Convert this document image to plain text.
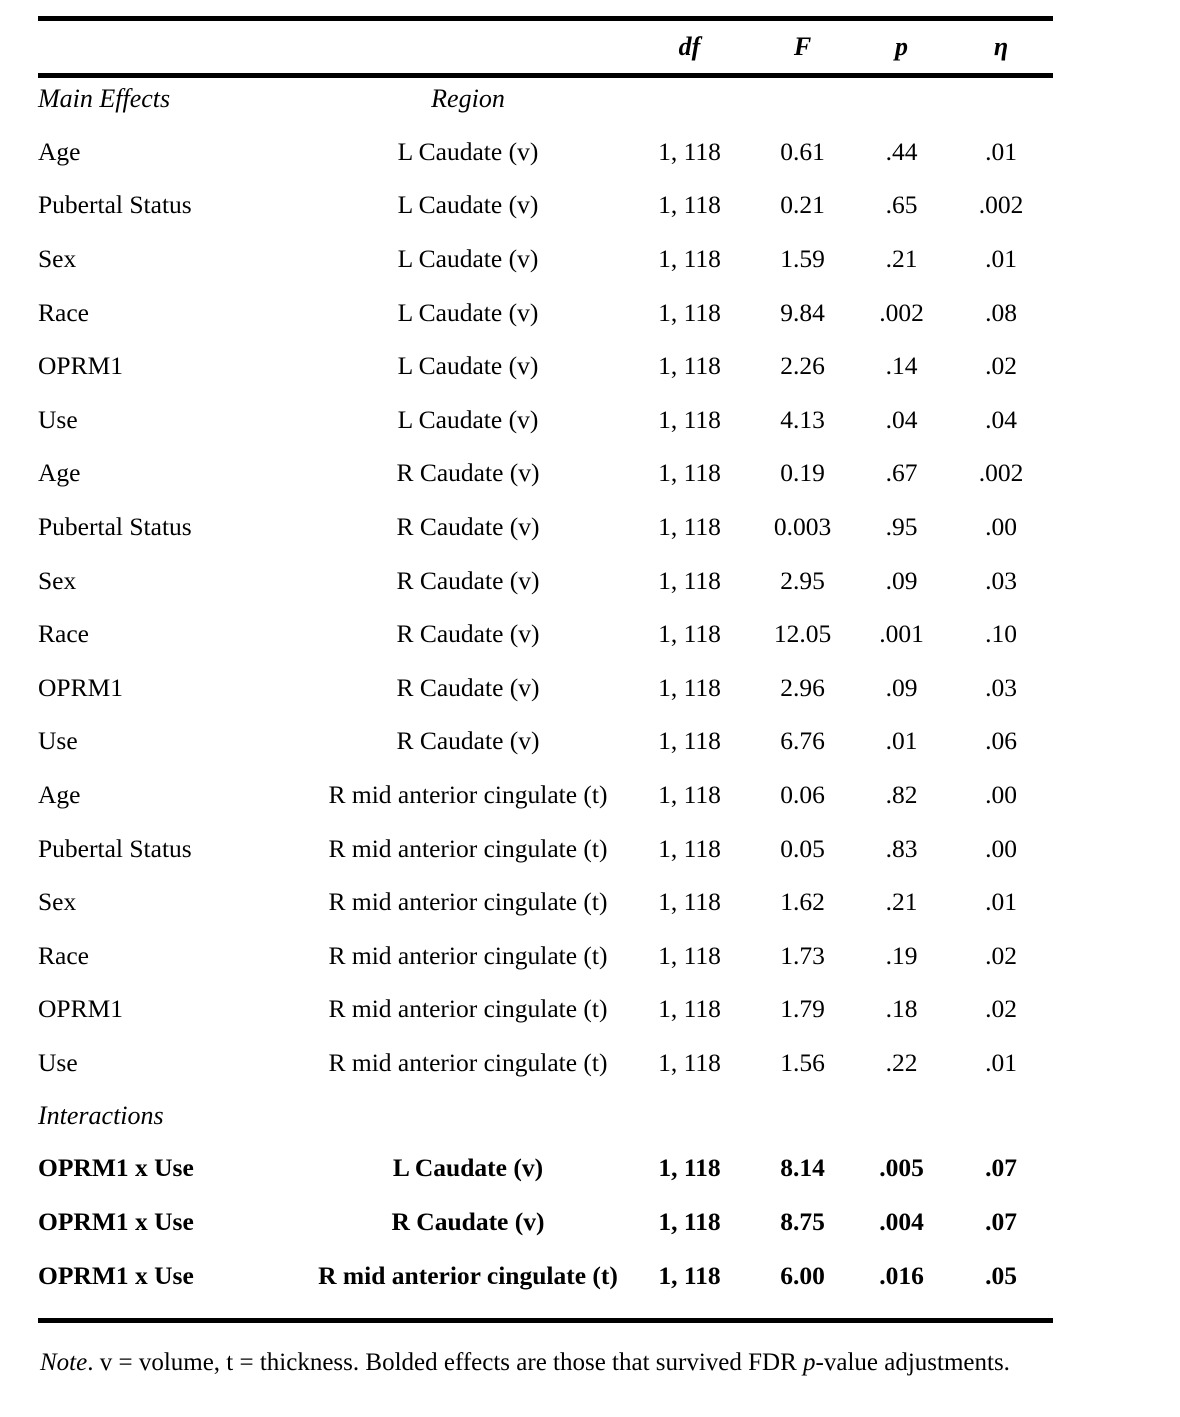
		df	F	p	η
Main Effects	Region				
Age	L Caudate (v)	1, 118	0.61	.44	.01
Pubertal Status	L Caudate (v)	1, 118	0.21	.65	.002
Sex	L Caudate (v)	1, 118	1.59	.21	.01
Race	L Caudate (v)	1, 118	9.84	.002	.08
OPRM1	L Caudate (v)	1, 118	2.26	.14	.02
Use	L Caudate (v)	1, 118	4.13	.04	.04
Age	R Caudate (v)	1, 118	0.19	.67	.002
Pubertal Status	R Caudate (v)	1, 118	0.003	.95	.00
Sex	R Caudate (v)	1, 118	2.95	.09	.03
Race	R Caudate (v)	1, 118	12.05	.001	.10
OPRM1	R Caudate (v)	1, 118	2.96	.09	.03
Use	R Caudate (v)	1, 118	6.76	.01	.06
Age	R mid anterior cingulate (t)	1, 118	0.06	.82	.00
Pubertal Status	R mid anterior cingulate (t)	1, 118	0.05	.83	.00
Sex	R mid anterior cingulate (t)	1, 118	1.62	.21	.01
Race	R mid anterior cingulate (t)	1, 118	1.73	.19	.02
OPRM1	R mid anterior cingulate (t)	1, 118	1.79	.18	.02
Use	R mid anterior cingulate (t)	1, 118	1.56	.22	.01
Interactions					
OPRM1 x Use	L Caudate (v)	1, 118	8.14	.005	.07
OPRM1 x Use	R Caudate (v)	1, 118	8.75	.004	.07
OPRM1 x Use	R mid anterior cingulate (t)	1, 118	6.00	.016	.05
Note. v = volume, t = thickness. Bolded effects are those that survived FDR p-value adjustments.
